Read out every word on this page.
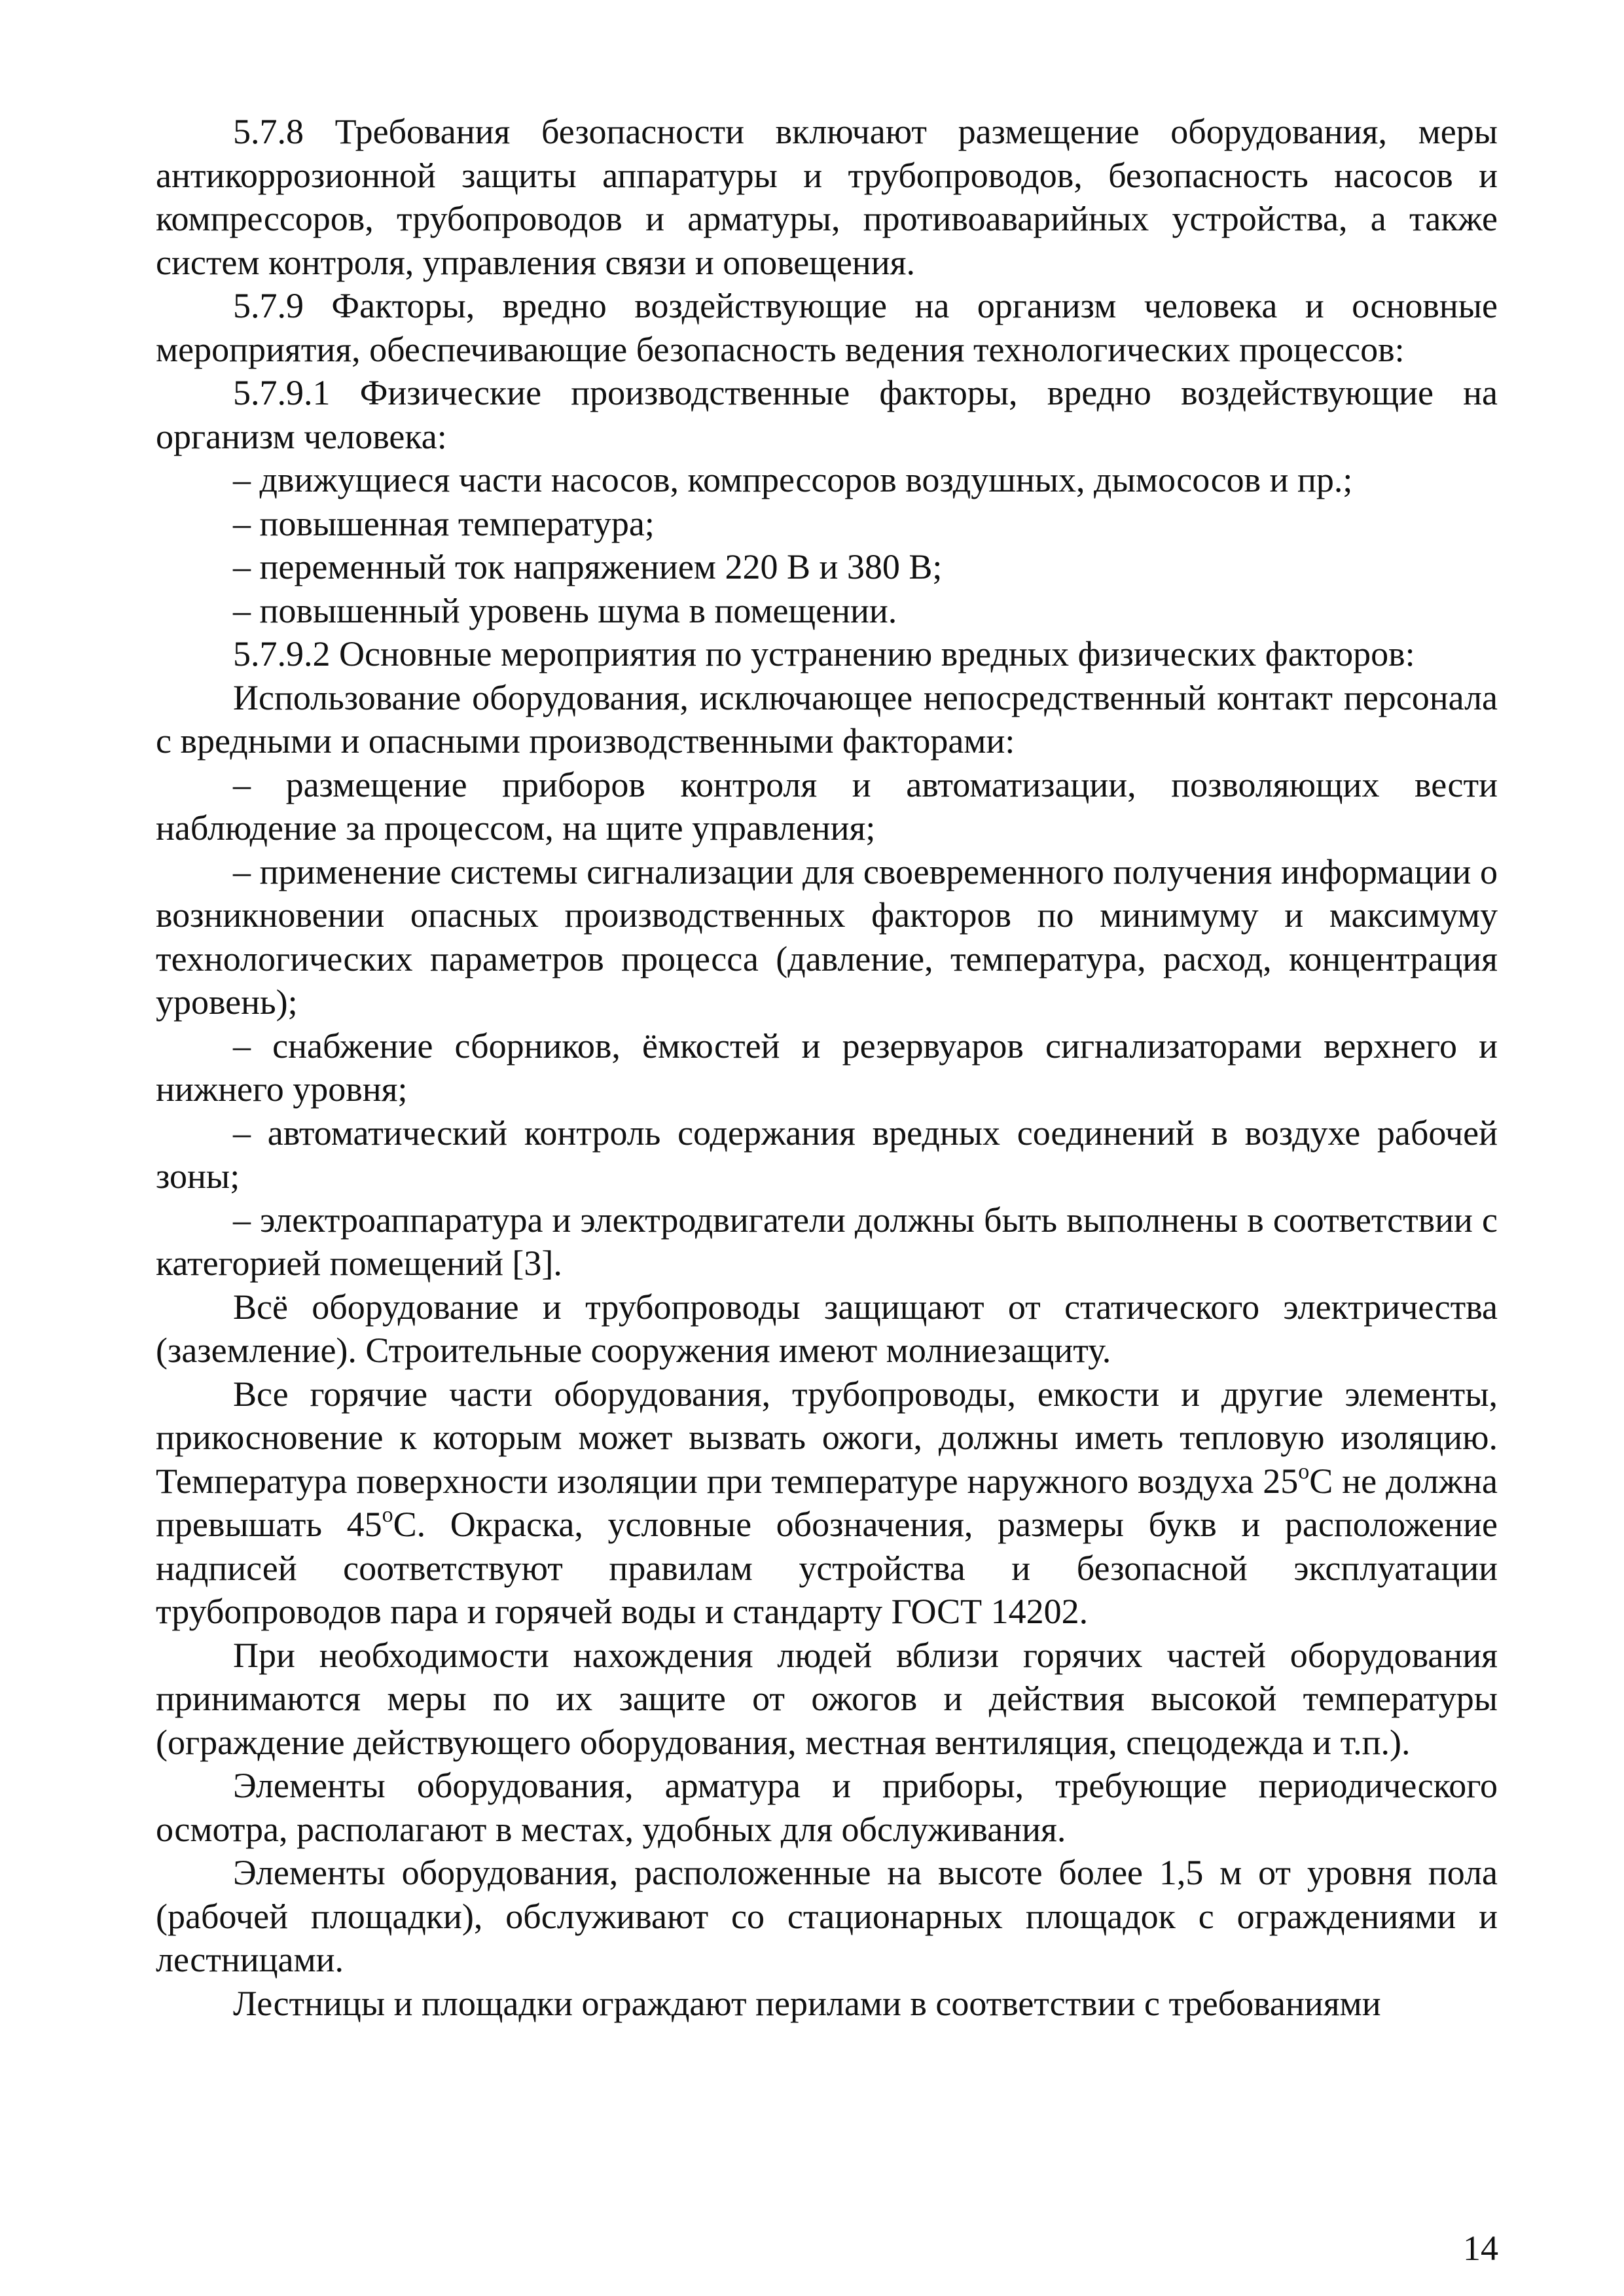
5.7.8 Требования безопасности включают размещение оборудования, меры антикоррозионной защиты аппаратуры и трубопроводов, безопасность насосов и компрессоров, трубопроводов и арматуры, противоаварийных устройства, а также систем контроля, управления связи и оповещения.

5.7.9 Факторы, вредно воздействующие на организм человека и основные мероприятия, обеспечивающие безопасность ведения технологических процессов:

5.7.9.1 Физические производственные факторы, вредно воздействующие на организм человека:

– движущиеся части насосов, компрессоров воздушных, дымососов и пр.;

– повышенная температура;

– переменный ток напряжением 220 В и 380 В;

– повышенный уровень шума в помещении.

5.7.9.2 Основные мероприятия по устранению вредных физических факторов:

Использование оборудования, исключающее непосредственный контакт персонала с вредными и опасными производственными факторами:

– размещение приборов контроля и автоматизации, позволяющих вести наблюдение за процессом, на щите управления;

– применение системы сигнализации для своевременного получения информации о возникновении опасных производственных факторов по минимуму и максимуму технологических параметров процесса (давление, температура, расход, концентрация уровень);

– снабжение сборников, ёмкостей и резервуаров сигнализаторами верхнего и нижнего уровня;

– автоматический контроль содержания вредных соединений в воздухе рабочей зоны;

– электроаппаратура и электродвигатели должны быть выполнены в соответствии с категорией помещений [3].

Всё оборудование и трубопроводы защищают от статического электричества (заземление). Строительные сооружения имеют молниезащиту.

Все горячие части оборудования, трубопроводы, емкости и другие элементы, прикосновение к которым может вызвать ожоги, должны иметь тепловую изоляцию. Температура поверхности изоляции при температуре наружного воздуха 25$^o$С не должна превышать 45$^o$С. Окраска, условные обозначения, размеры букв и расположение надписей соответствуют правилам устройства и безопасной эксплуатации трубопроводов пара и горячей воды и стандарту ГОСТ 14202.

При необходимости нахождения людей вблизи горячих частей оборудования принимаются меры по их защите от ожогов и действия высокой температуры (ограждение действующего оборудования, местная вентиляция, спецодежда и т.п.).

Элементы оборудования, арматура и приборы, требующие периодического осмотра, располагают в местах, удобных для обслуживания.

Элементы оборудования, расположенные на высоте более 1,5 м от уровня пола (рабочей площадки), обслуживают со стационарных площадок с ограждениями и лестницами.

Лестницы и площадки ограждают перилами в соответствии с требованиями

14
